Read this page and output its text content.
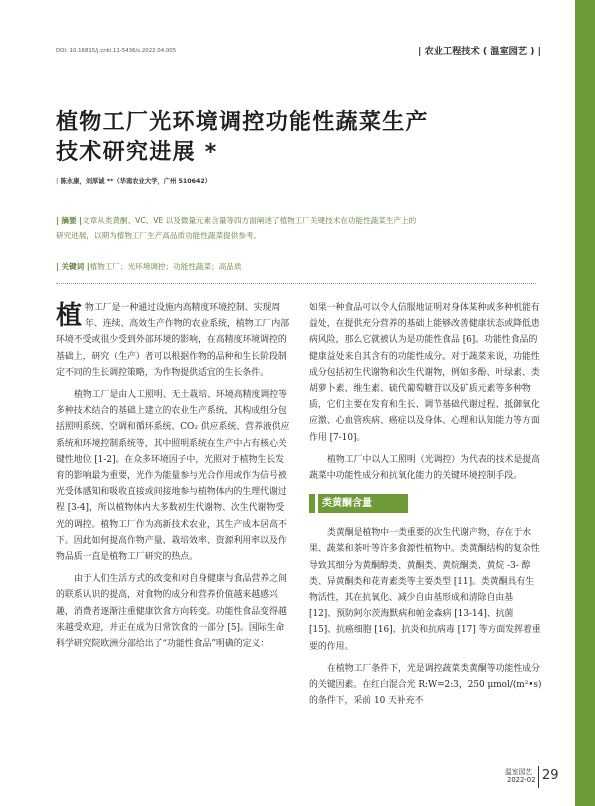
DOI: 10.16815/j.cnki.11-5436/s.2022.04.005	| 农业工程技术 ( 温室园艺 ) |
植物工厂光环境调控功能性蔬菜生产
技术研究进展 *
| 陈永康，刘厚诚 **（华南农业大学，广州 510642）
| 摘要 |文章从类黄酮、VC、VE 以及微量元素含量等四方面阐述了植物工厂关键技术在功能性蔬菜生产上的
研究进展，以期为植物工厂生产高品质功能性蔬菜提供参考。
| 关键词 |植物工厂；光环境调控；功能性蔬菜；高品质

植物工厂是一种通过设施内高精度环境控制、实现周年、连续、高效生产作物的农业系统，植物工厂内部环境不受或很少受到外部环境的影响，在高精度环境调控的基础上，研究（生产）者可以根据作物的品种和生长阶段制定不同的生长调控策略，为作物提供适宜的生长条件。

植物工厂是由人工照明、无土栽培、环境高精度调控等多种技术结合的基础上建立的农业生产系统，其构成组分包括照明系统、空调和循环系统、CO₂ 供应系统、营养液供应系统和环境控制系统等，其中照明系统在生产中占有核心关键性地位 [1-2]。在众多环境因子中，光照对于植物生长发育的影响最为重要，光作为能量参与光合作用或作为信号被光受体感知和吸收直接或间接地参与植物体内的生理代谢过程 [3-4]，所以植物体内大多数初生代谢物、次生代谢物受光的调控。植物工厂作为高新技术农业，其生产成本居高不下。因此如何提高作物产量、栽培效率、资源利用率以及作物品质一直是植物工厂研究的热点。

由于人们生活方式的改变和对自身健康与食品营养之间的联系认识的提高，对食物的成分和营养价值越来越感兴趣，消费者逐渐注重健康饮食方向转变。功能性食品变得越来越受欢迎，并正在成为日常饮食的一部分 [5]。国际生命科学研究院欧洲分部给出了“功能性食品”明确的定义：

如果一种食品可以令人信服地证明对身体某种或多种机能有益处，在提供充分营养的基础上能够改善健康状态或降低患病风险，那么它就被认为是功能性食品 [6]。功能性食品的健康益处来自其含有的功能性成分。对于蔬菜来说，功能性成分包括初生代谢物和次生代谢物，例如多酚、叶绿素、类胡萝卜素、维生素、硫代葡萄糖苷以及矿质元素等多种物质，它们主要在发育和生长、调节基础代谢过程、抵御氧化应激、心血管疾病、癌症以及身体、心理和认知能力等方面作用 [7-10]。

植物工厂中以人工照明（光调控）为代表的技术是提高蔬菜中功能性成分和抗氧化能力的关键环境控制手段。

类黄酮含量

类黄酮是植物中一类重要的次生代谢产物，存在于水果、蔬菜和茶叶等许多食源性植物中。类黄酮结构的复杂性导致其细分为黄酮醇类、黄酮类、黄烷酮类、黄烷 -3- 醇类、异黄酮类和花青素类等主要类型 [11]。类黄酮具有生物活性，其在抗氧化、减少自由基形成和清除自由基 [12]、预防阿尔茨海默病和帕金森病 [13-14]、抗菌 [15]、抗癌细胞 [16]、抗炎和抗病毒 [17] 等方面发挥着重要的作用。

在植物工厂条件下，光是调控蔬菜类黄酮等功能性成分的关键因素。在红白混合光 R:W=2:3，250 μmol/(m²•s) 的条件下，采前 10 天补充不

温室园艺
2022-02 29
